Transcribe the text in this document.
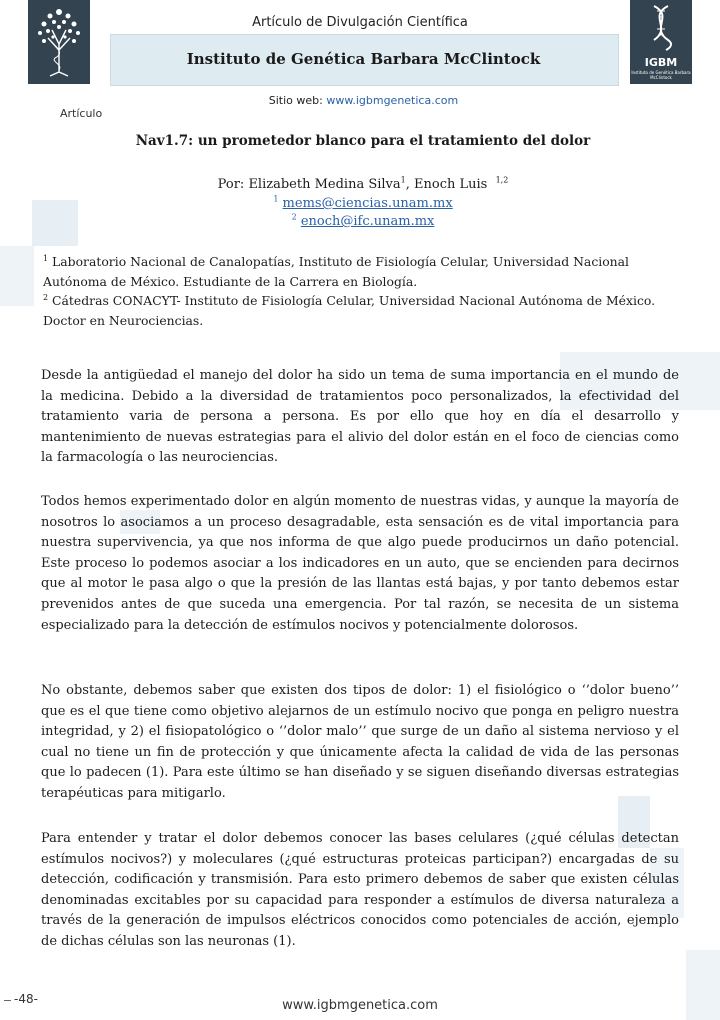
IGBM
Instituto de Genética Barbara McClintock
Artículo de Divulgación Científica
Instituto de Genética Barbara McClintock
Sitio web: www.igbmgenetica.com
Artículo
Nav1.7: un prometedor blanco para el tratamiento del dolor
Por: Elizabeth Medina Silva$^1$, Enoch Luis $^{1,2}$
$^1$ mems@ciencias.unam.mx
$^2$ enoch@ifc.unam.mx
$^1$ Laboratorio Nacional de Canalopatías, Instituto de Fisiología Celular, Universidad Nacional Autónoma de México. Estudiante de la Carrera en Biología.
$^2$ Cátedras CONACYT- Instituto de Fisiología Celular, Universidad Nacional Autónoma de México. Doctor en Neurociencias.

Desde la antigüedad el manejo del dolor ha sido un tema de suma importancia en el mundo de la medicina. Debido a la diversidad de tratamientos poco personalizados, la efectividad del tratamiento varia de persona a persona. Es por ello que hoy en día el desarrollo y mantenimiento de nuevas estrategias para el alivio del dolor están en el foco de ciencias como la farmacología o las neurociencias.

Todos hemos experimentado dolor en algún momento de nuestras vidas, y aunque la mayoría de nosotros lo asociamos a un proceso desagradable, esta sensación es de vital importancia para nuestra supervivencia, ya que nos informa de que algo puede producirnos un daño potencial. Este proceso lo podemos asociar a los indicadores en un auto, que se encienden para decirnos que al motor le pasa algo o que la presión de las llantas está bajas, y por tanto debemos estar prevenidos antes de que suceda una emergencia. Por tal razón, se necesita de un sistema especializado para la detección de estímulos nocivos y potencialmente dolorosos.

No obstante, debemos saber que existen dos tipos de dolor: 1) el fisiológico o ‘’dolor bueno’’ que es el que tiene como objetivo alejarnos de un estímulo nocivo que ponga en peligro nuestra integridad, y 2) el fisiopatológico o ‘’dolor malo’’ que surge de un daño al sistema nervioso y el cual no tiene un fin de protección y que únicamente afecta la calidad de vida de las personas que lo padecen (1). Para este último se han diseñado y se siguen diseñando diversas estrategias terapéuticas para mitigarlo.

Para entender y tratar el dolor debemos conocer las bases celulares (¿qué células detectan estímulos nocivos?) y moleculares (¿qué estructuras proteicas participan?) encargadas de su detección, codificación y transmisión. Para esto primero debemos de saber que existen células denominadas excitables por su capacidad para responder a estímulos de diversa naturaleza a través de la generación de impulsos eléctricos conocidos como potenciales de acción, ejemplo de dichas células son las neuronas (1).

-48-	www.igbmgenetica.com
